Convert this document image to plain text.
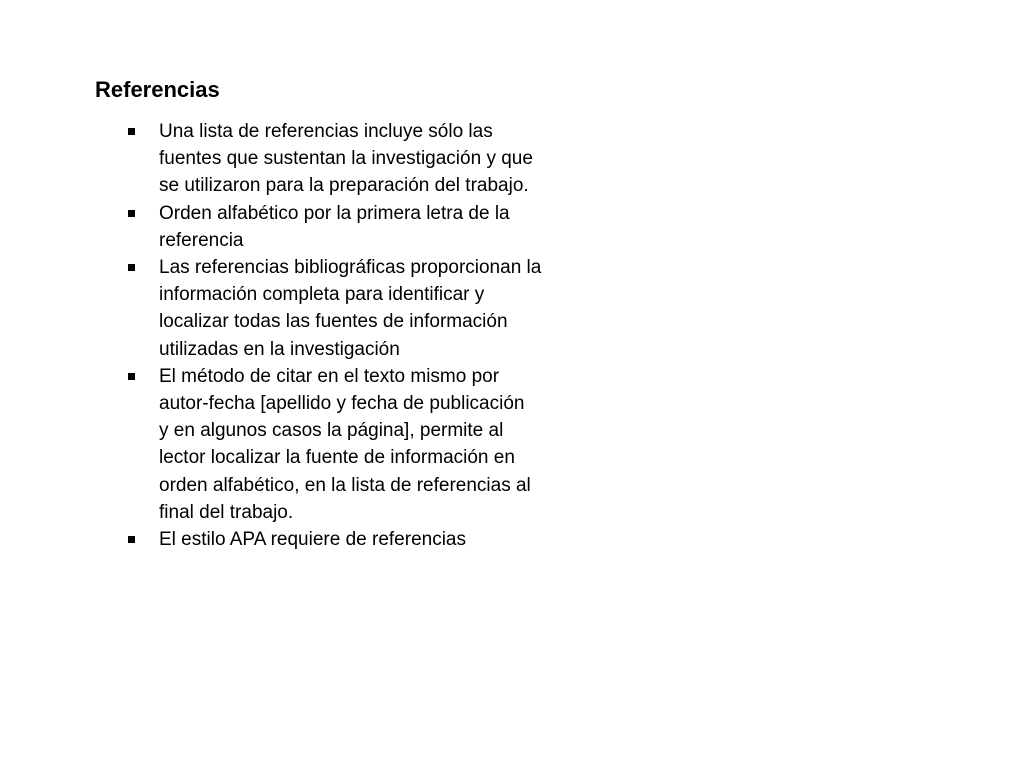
Referencias
Una lista de referencias incluye sólo las
fuentes que sustentan la investigación y que
se utilizaron para la preparación del trabajo.
Orden alfabético por la primera letra de la
referencia
Las referencias bibliográficas proporcionan la
información completa para identificar y
localizar todas las fuentes de información
utilizadas en la investigación
El método de citar en el texto mismo por
autor-fecha [apellido y fecha de publicación
y en algunos casos la página], permite al
lector localizar la fuente de información en
orden alfabético, en la lista de referencias al
final del trabajo.
El estilo APA requiere de referencias
